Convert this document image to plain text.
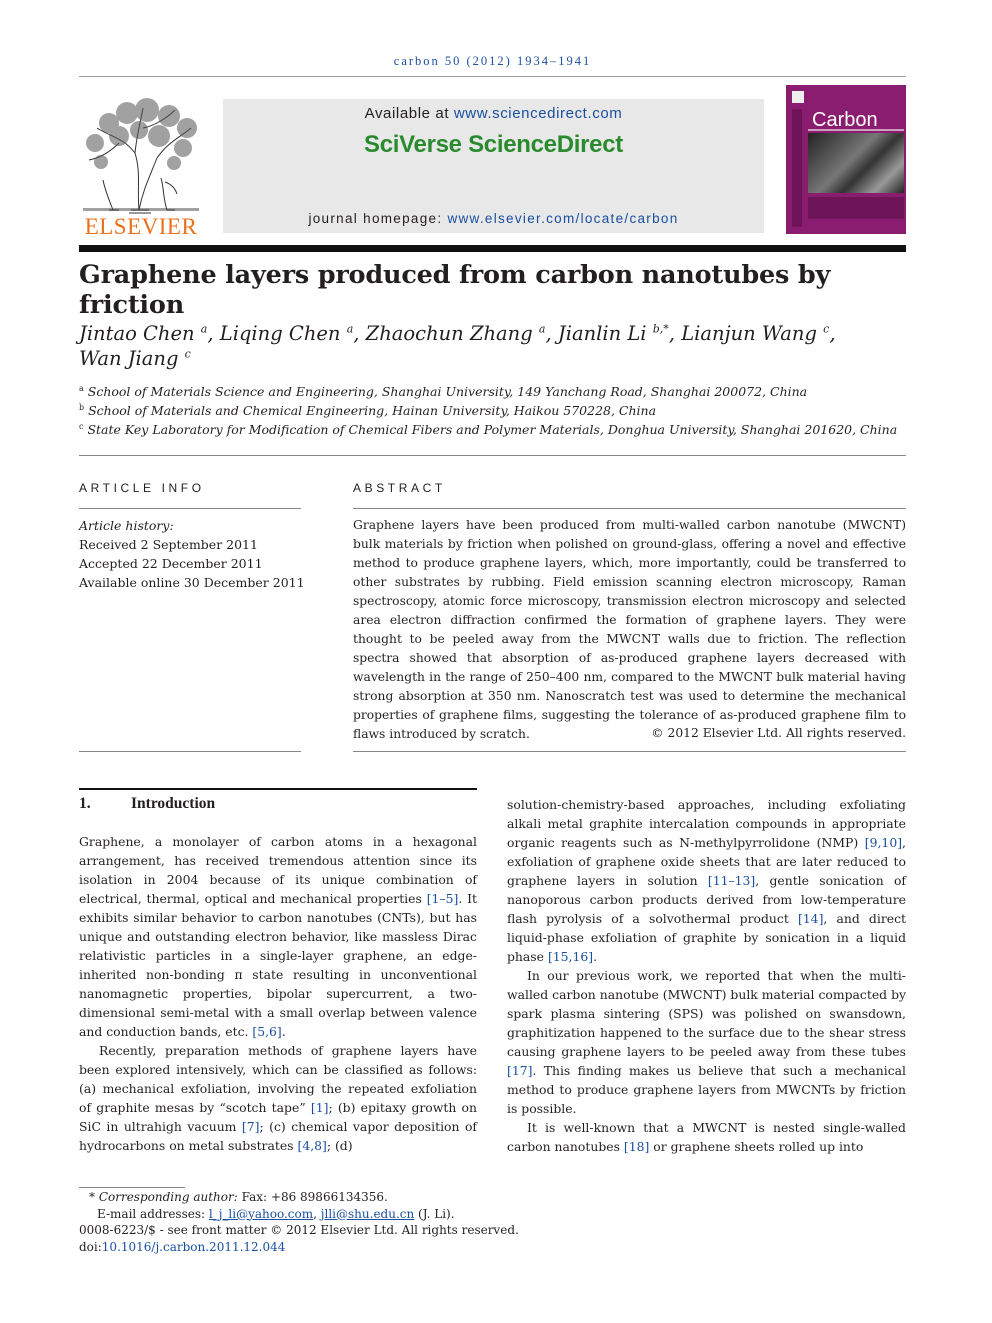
carbon 50 (2012) 1934–1941
ELSEVIER
Available at www.sciencedirect.com
SciVerse ScienceDirect
journal homepage: www.elsevier.com/locate/carbon
Carbon
Graphene layers produced from carbon nanotubes by friction
Jintao Chen $^a$, Liqing Chen $^a$, Zhaochun Zhang $^a$, Jianlin Li $^{b,*}$, Lianjun Wang $^c$,
Wan Jiang $^c$
$^a$ School of Materials Science and Engineering, Shanghai University, 149 Yanchang Road, Shanghai 200072, China
$^b$ School of Materials and Chemical Engineering, Hainan University, Haikou 570228, China
$^c$ State Key Laboratory for Modification of Chemical Fibers and Polymer Materials, Donghua University, Shanghai 201620, China
ARTICLE INFO
Article history:
Received 2 September 2011
Accepted 22 December 2011
Available online 30 December 2011
ABSTRACT
Graphene layers have been produced from multi-walled carbon nanotube (MWCNT) bulk materials by friction when polished on ground-glass, offering a novel and effective method to produce graphene layers, which, more importantly, could be transferred to other substrates by rubbing. Field emission scanning electron microscopy, Raman spectroscopy, atomic force microscopy, transmission electron microscopy and selected area electron diffraction confirmed the formation of graphene layers. They were thought to be peeled away from the MWCNT walls due to friction. The reflection spectra showed that absorption of as-produced graphene layers decreased with wavelength in the range of 250–400 nm, compared to the MWCNT bulk material having strong absorption at 350 nm. Nanoscratch test was used to determine the mechanical properties of graphene films, suggesting the tolerance of as-produced graphene film to flaws introduced by scratch.	© 2012 Elsevier Ltd. All rights reserved.
1.	Introduction

Graphene, a monolayer of carbon atoms in a hexagonal arrangement, has received tremendous attention since its isolation in 2004 because of its unique combination of electrical, thermal, optical and mechanical properties [1–5]. It exhibits similar behavior to carbon nanotubes (CNTs), but has unique and outstanding electron behavior, like massless Dirac relativistic particles in a single-layer graphene, an edge-inherited non-bonding π state resulting in unconventional nanomagnetic properties, bipolar supercurrent, a two-dimensional semi-metal with a small overlap between valence and conduction bands, etc. [5,6].

Recently, preparation methods of graphene layers have been explored intensively, which can be classified as follows: (a) mechanical exfoliation, involving the repeated exfoliation of graphite mesas by “scotch tape” [1]; (b) epitaxy growth on SiC in ultrahigh vacuum [7]; (c) chemical vapor deposition of hydrocarbons on metal substrates [4,8]; (d)

solution-chemistry-based approaches, including exfoliating alkali metal graphite intercalation compounds in appropriate organic reagents such as N-methylpyrrolidone (NMP) [9,10], exfoliation of graphene oxide sheets that are later reduced to graphene layers in solution [11–13], gentle sonication of nanoporous carbon products derived from low-temperature flash pyrolysis of a solvothermal product [14], and direct liquid-phase exfoliation of graphite by sonication in a liquid phase [15,16].

In our previous work, we reported that when the multi-walled carbon nanotube (MWCNT) bulk material compacted by spark plasma sintering (SPS) was polished on swansdown, graphitization happened to the surface due to the shear stress causing graphene layers to be peeled away from these tubes [17]. This finding makes us believe that such a mechanical method to produce graphene layers from MWCNTs by friction is possible.

It is well-known that a MWCNT is nested single-walled carbon nanotubes [18] or graphene sheets rolled up into

* Corresponding author: Fax: +86 89866134356.
E-mail addresses: l_j_li@yahoo.com, jlli@shu.edu.cn (J. Li).
0008-6223/$ - see front matter © 2012 Elsevier Ltd. All rights reserved.
doi:10.1016/j.carbon.2011.12.044
